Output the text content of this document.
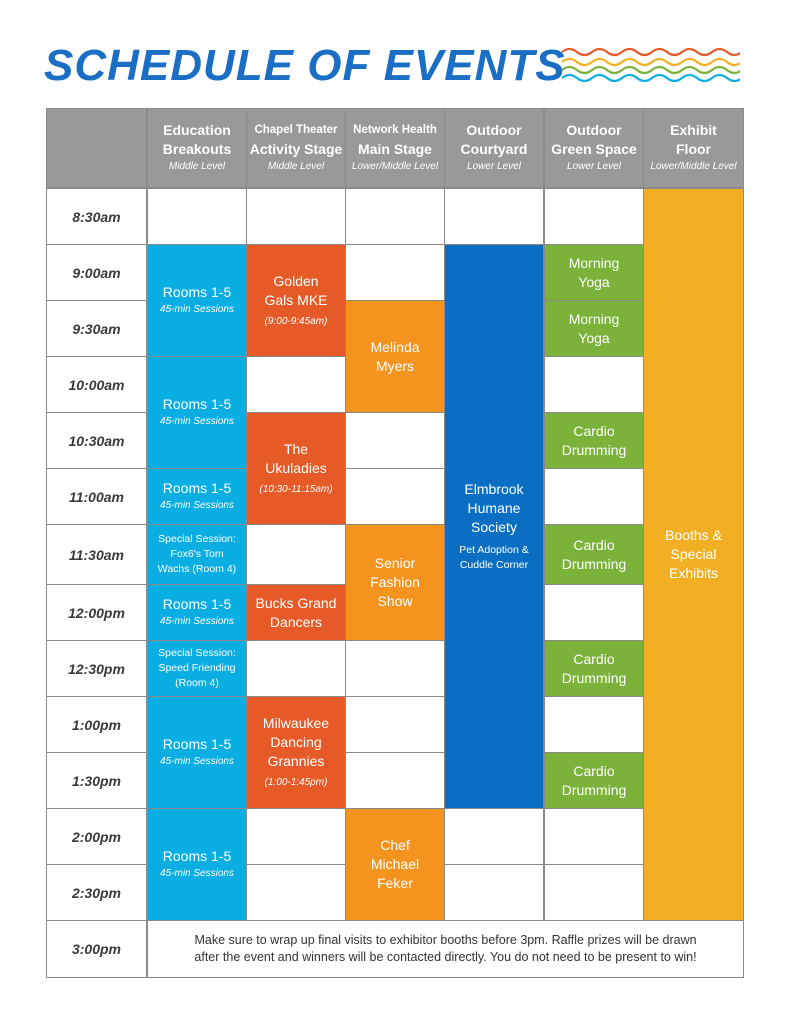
SCHEDULE OF EVENTS
Education
Breakouts
Middle Level
Chapel Theater
Activity Stage
Middle Level
Network Health
Main Stage
Lower/Middle Level
Outdoor
Courtyard
Lower Level
Outdoor
Green Space
Lower Level
Exhibit
Floor
Lower/Middle Level
8:30am
9:00am
9:30am
10:00am
10:30am
11:00am
11:30am
12:00pm
12:30pm
1:00pm
1:30pm
2:00pm
2:30pm
3:00pm
Rooms 1-5
45-min Sessions
Rooms 1-5
45-min Sessions
Rooms 1-5
45-min Sessions
Special Session:
Fox6's Tom
Wachs (Room 4)
Rooms 1-5
45-min Sessions
Special Session:
Speed Friending
(Room 4)
Rooms 1-5
45-min Sessions
Rooms 1-5
45-min Sessions
Golden
Gals MKE
(9:00-9:45am)
The
Ukuladies
(10:30-11:15am)
Bucks Grand
Dancers
Milwaukee
Dancing
Grannies
(1:00-1:45pm)
Melinda
Myers
Senior
Fashion
Show
Chef
Michael
Feker
Elmbrook
Humane
Society
Pet Adoption &
Cuddle Corner
Morning
Yoga
Morning
Yoga
Cardio
Drumming
Cardio
Drumming
Cardio
Drumming
Cardio
Drumming
Booths &
Special
Exhibits
Make sure to wrap up final visits to exhibitor booths before 3pm. Raffle prizes will be drawn
after the event and winners will be contacted directly. You do not need to be present to win!
